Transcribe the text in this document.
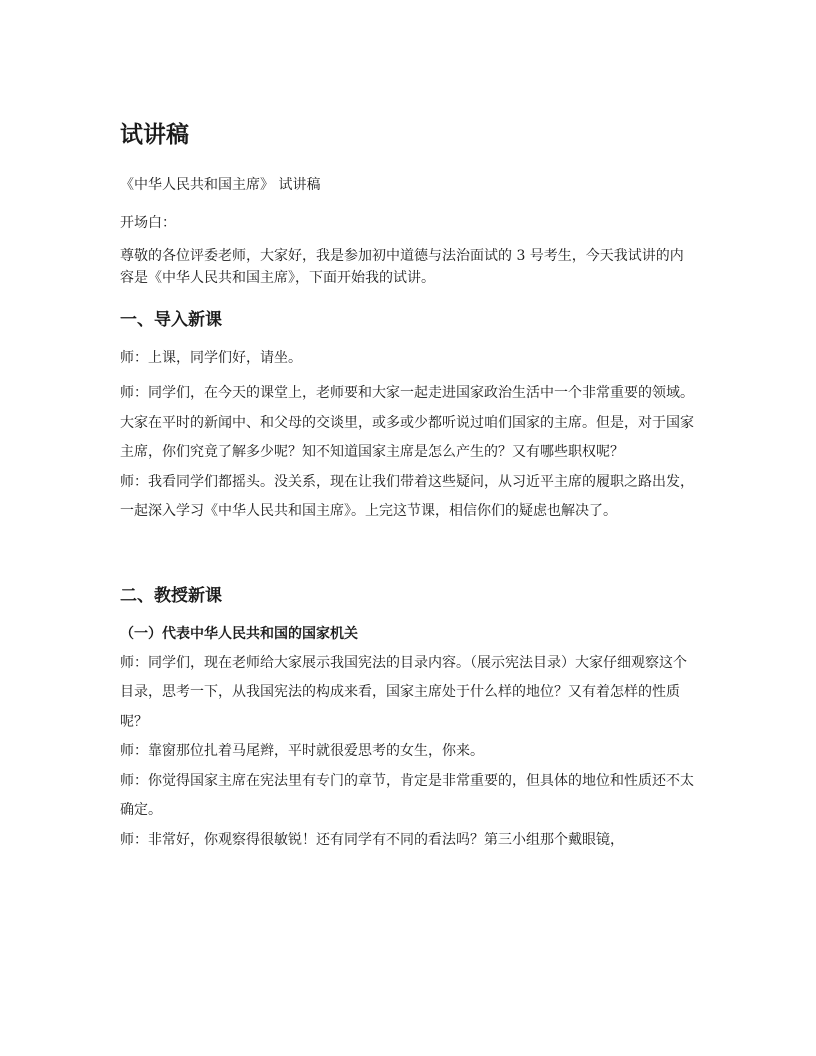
试讲稿
《中华人民共和国主席》 试讲稿
开场白：
尊敬的各位评委老师，大家好，我是参加初中道德与法治面试的 3 号考生，今天我试讲的内容是《中华人民共和国主席》，下面开始我的试讲。
一、导入新课
师：上课，同学们好，请坐。
师：同学们，在今天的课堂上，老师要和大家一起走进国家政治生活中一个非常重要的领域。大家在平时的新闻中、和父母的交谈里，或多或少都听说过咱们国家的主席。但是，对于国家主席，你们究竟了解多少呢？知不知道国家主席是怎么产生的？又有哪些职权呢？
师：我看同学们都摇头。没关系，现在让我们带着这些疑问，从习近平主席的履职之路出发，一起深入学习《中华人民共和国主席》。上完这节课，相信你们的疑虑也解决了。
二、教授新课
（一）代表中华人民共和国的国家机关
师：同学们，现在老师给大家展示我国宪法的目录内容。（展示宪法目录）大家仔细观察这个目录，思考一下，从我国宪法的构成来看，国家主席处于什么样的地位？又有着怎样的性质呢？
师：靠窗那位扎着马尾辫，平时就很爱思考的女生，你来。
师：你觉得国家主席在宪法里有专门的章节，肯定是非常重要的，但具体的地位和性质还不太确定。
师：非常好，你观察得很敏锐！还有同学有不同的看法吗？第三小组那个戴眼镜，
